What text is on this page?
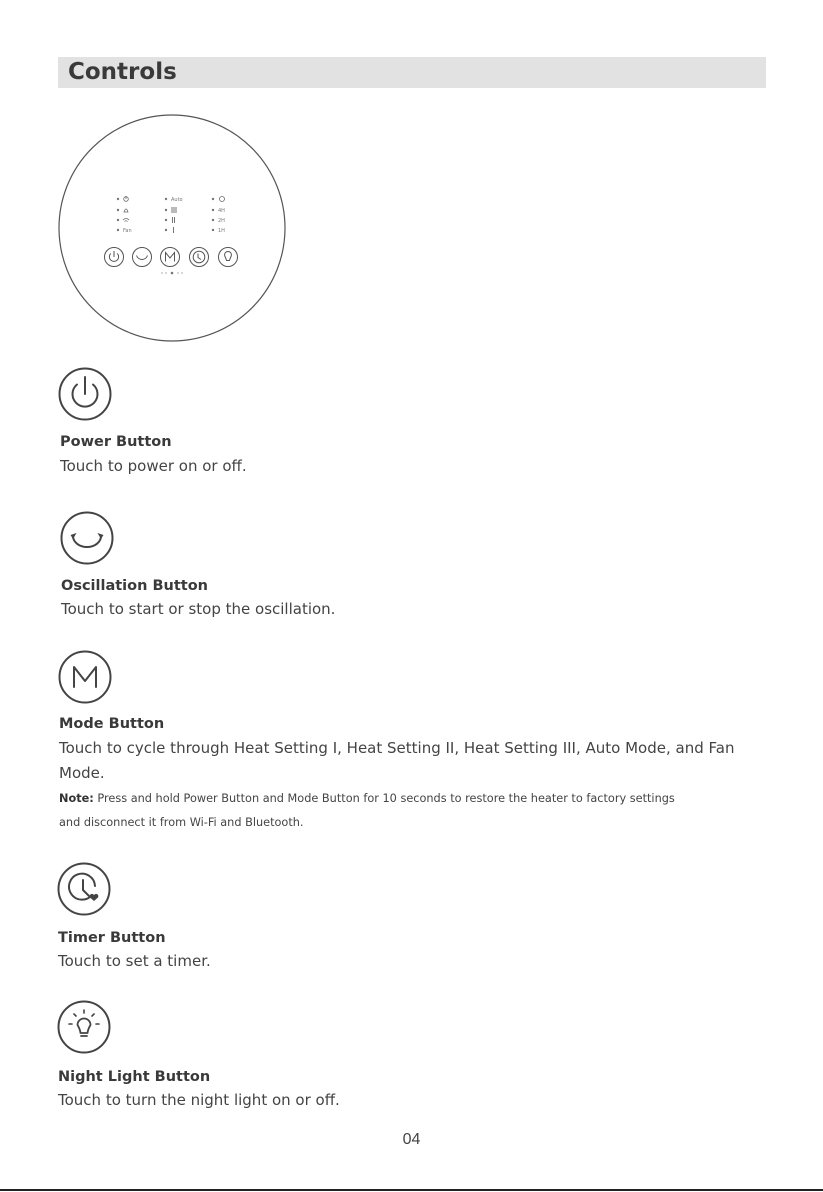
Controls
Fan
Auto
4H
2H
1H
Power Button
Touch to power on or off.
Oscillation Button
Touch to start or stop the oscillation.
Mode Button
Touch to cycle through Heat Setting I, Heat Setting II, Heat Setting III, Auto Mode, and Fan
Mode.
Note: Press and hold Power Button and Mode Button for 10 seconds to restore the heater to factory settings
and disconnect it from Wi-Fi and Bluetooth.
Timer Button
Touch to set a timer.
Night Light Button
Touch to turn the night light on or off.
04
